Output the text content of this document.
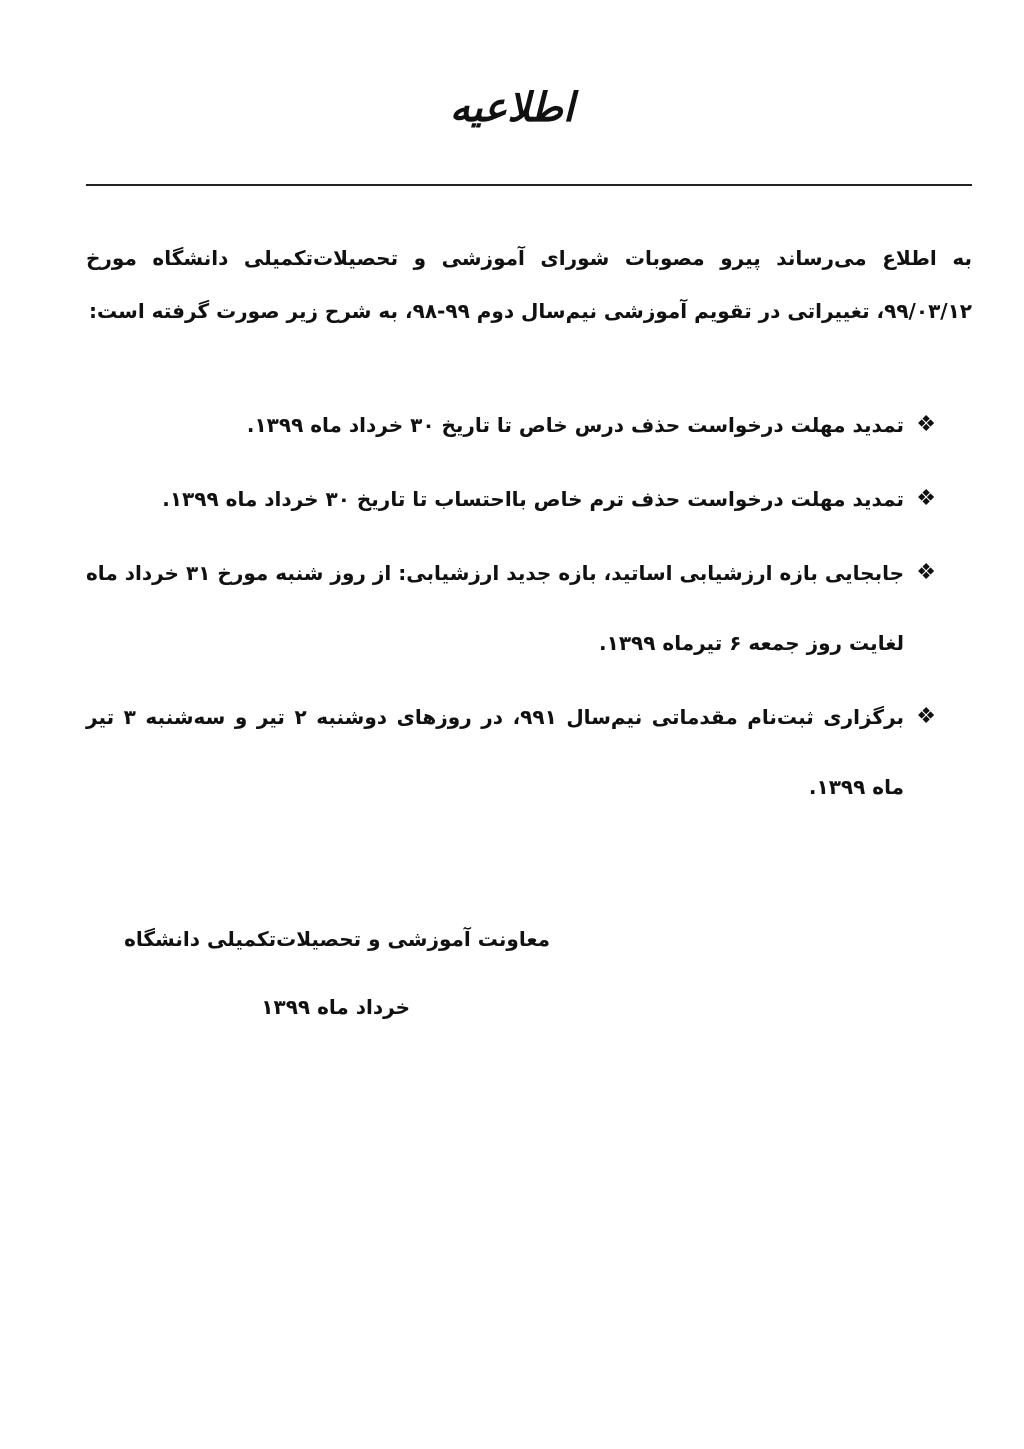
اطلاعیه
به اطلاع می‌رساند پیرو مصوبات شورای آموزشی و تحصیلات‌تکمیلی دانشگاه مورخ ۹۹/۰۳/۱۲، تغییراتی در تقویم آموزشی نیم‌سال دوم ۹۹-۹۸، به شرح زیر صورت گرفته است:
❖
تمدید مهلت درخواست حذف درس خاص تا تاریخ ۳۰ خرداد ماه ۱۳۹۹.
❖
تمدید مهلت درخواست حذف ترم خاص بااحتساب تا تاریخ ۳۰ خرداد ماه ۱۳۹۹.
❖
جابجایی بازه ارزشیابی اساتید، بازه جدید ارزشیابی: از روز شنبه مورخ ۳۱ خرداد ماه لغایت روز جمعه ۶ تیرماه ۱۳۹۹.
❖
برگزاری ثبت‌نام مقدماتی نیم‌سال ۹۹۱، در روزهای دوشنبه ۲ تیر و سه‌شنبه ۳ تیر ماه ۱۳۹۹.
معاونت آموزشی و تحصیلات‌تکمیلی دانشگاه
خرداد ماه ۱۳۹۹
